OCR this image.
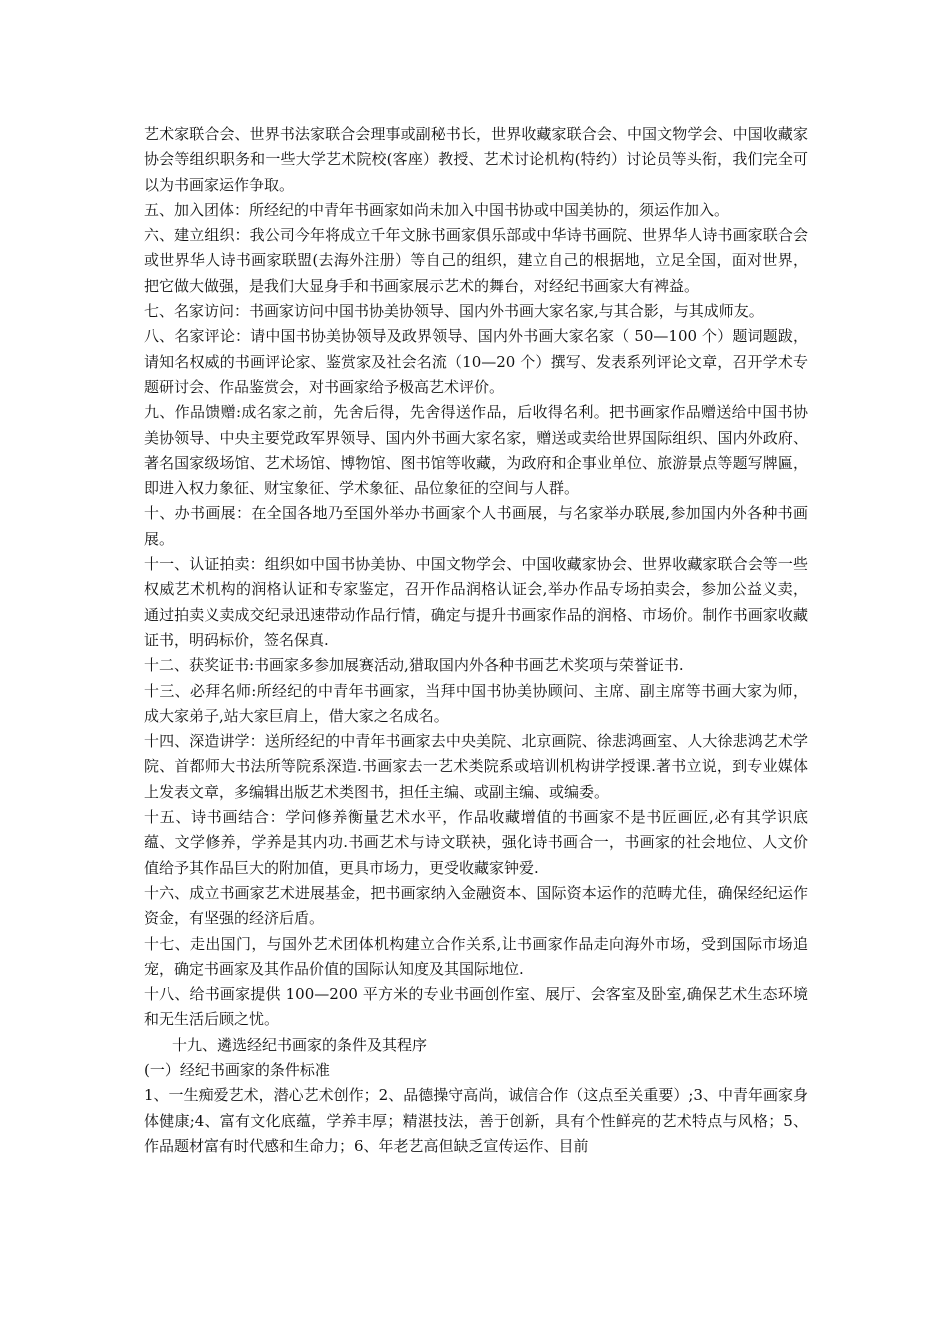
艺术家联合会、世界书法家联合会理事或副秘书长，世界收藏家联合会、中国文物学会、中国收藏家协会等组织职务和一些大学艺术院校(客座）教授、艺术讨论机构(特约）讨论员等头衔，我们完全可以为书画家运作争取。

五、加入团体：所经纪的中青年书画家如尚未加入中国书协或中国美协的，须运作加入。

六、建立组织：我公司今年将成立千年文脉书画家俱乐部或中华诗书画院、世界华人诗书画家联合会或世界华人诗书画家联盟(去海外注册）等自己的组织，建立自己的根据地，立足全国，面对世界，把它做大做强，是我们大显身手和书画家展示艺术的舞台，对经纪书画家大有裨益。

七、名家访问：书画家访问中国书协美协领导、国内外书画大家名家,与其合影，与其成师友。

八、名家评论：请中国书协美协领导及政界领导、国内外书画大家名家（ 50—100 个）题词题跋，请知名权威的书画评论家、鉴赏家及社会名流（10—20 个）撰写、发表系列评论文章，召开学术专题研讨会、作品鉴赏会，对书画家给予极高艺术评价。

九、作品馈赠:成名家之前，先舍后得，先舍得送作品，后收得名利。把书画家作品赠送给中国书协美协领导、中央主要党政军界领导、国内外书画大家名家，赠送或卖给世界国际组织、国内外政府、著名国家级场馆、艺术场馆、博物馆、图书馆等收藏，为政府和企事业单位、旅游景点等题写牌匾，即进入权力象征、财宝象征、学术象征、品位象征的空间与人群。

十、办书画展：在全国各地乃至国外举办书画家个人书画展，与名家举办联展,参加国内外各种书画展。

十一、认证拍卖：组织如中国书协美协、中国文物学会、中国收藏家协会、世界收藏家联合会等一些权威艺术机构的润格认证和专家鉴定，召开作品润格认证会,举办作品专场拍卖会，参加公益义卖，通过拍卖义卖成交纪录迅速带动作品行情，确定与提升书画家作品的润格、市场价。制作书画家收藏证书，明码标价，签名保真.

十二、获奖证书:书画家多参加展赛活动,猎取国内外各种书画艺术奖项与荣誉证书.

十三、必拜名师:所经纪的中青年书画家，当拜中国书协美协顾问、主席、副主席等书画大家为师，成大家弟子,站大家巨肩上，借大家之名成名。

十四、深造讲学：送所经纪的中青年书画家去中央美院、北京画院、徐悲鸿画室、人大徐悲鸿艺术学院、首都师大书法所等院系深造.书画家去一艺术类院系或培训机构讲学授课.著书立说，到专业媒体上发表文章，多编辑出版艺术类图书，担任主编、或副主编、或编委。

十五、诗书画结合：学问修养衡量艺术水平，作品收藏增值的书画家不是书匠画匠,必有其学识底蕴、文学修养，学养是其内功.书画艺术与诗文联袂，强化诗书画合一，书画家的社会地位、人文价值给予其作品巨大的附加值，更具市场力，更受收藏家钟爱.

十六、成立书画家艺术进展基金，把书画家纳入金融资本、国际资本运作的范畴尤佳，确保经纪运作资金，有坚强的经济后盾。

十七、走出国门，与国外艺术团体机构建立合作关系,让书画家作品走向海外市场，受到国际市场追宠，确定书画家及其作品价值的国际认知度及其国际地位.

十八、给书画家提供 100—200 平方米的专业书画创作室、展厅、会客室及卧室,确保艺术生态环境和无生活后顾之忧。

十九、遴选经纪书画家的条件及其程序

(一）经纪书画家的条件标准

1、一生痴爱艺术，潜心艺术创作；2、品德操守高尚，诚信合作（这点至关重要）;3、中青年画家身体健康;4、富有文化底蕴，学养丰厚；精湛技法，善于创新，具有个性鲜亮的艺术特点与风格；5、作品题材富有时代感和生命力；6、年老艺高但缺乏宣传运作、目前
